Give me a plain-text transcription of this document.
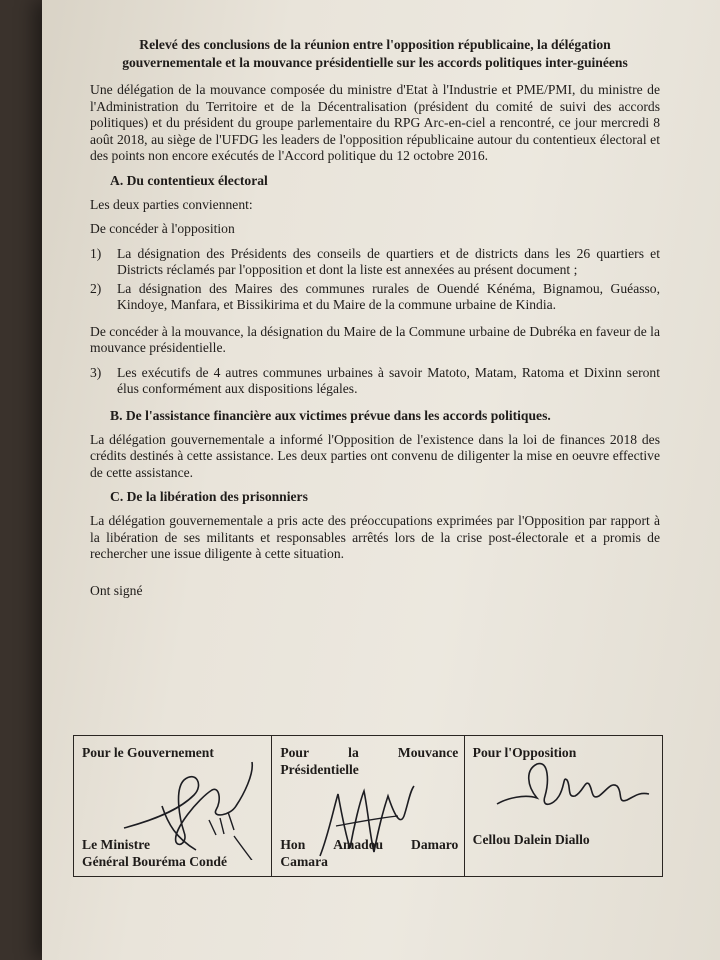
Relevé des conclusions de la réunion entre l'opposition républicaine, la délégation gouvernementale et la mouvance présidentielle sur les accords politiques inter-guinéens

Une délégation de la mouvance composée du ministre d'Etat à l'Industrie et PME/PMI, du ministre de l'Administration du Territoire et de la Décentralisation (président du comité de suivi des accords politiques) et du président du groupe parlementaire du RPG Arc-en-ciel a rencontré, ce jour mercredi 8 août 2018, au siège de l'UFDG les leaders de l'opposition républicaine autour du contentieux électoral et des points non encore exécutés de l'Accord politique du 12 octobre 2016.

A. Du contentieux électoral

Les deux parties conviennent:

De concéder à l'opposition

1) La désignation des Présidents des conseils de quartiers et de districts dans les 26 quartiers et Districts réclamés par l'opposition et dont la liste est annexées au présent document ;
2) La désignation des Maires des communes rurales de Ouendé Kénéma, Bignamou, Guéasso, Kindoye, Manfara, et Bissikirima et du Maire de la commune urbaine de Kindia.

De concéder à la mouvance, la désignation du Maire de la Commune urbaine de Dubréka en faveur de la mouvance présidentielle.

3) Les exécutifs de 4 autres communes urbaines à savoir Matoto, Matam, Ratoma et Dixinn seront élus conformément aux dispositions légales.
B. De l'assistance financière aux victimes prévue dans les accords politiques.

La délégation gouvernementale a informé l'Opposition de l'existence dans la loi de finances 2018 des crédits destinés à cette assistance. Les deux parties ont convenu de diligenter la mise en oeuvre effective de cette assistance.

C. De la libération des prisonniers

La délégation gouvernementale a pris acte des préoccupations exprimées par l'Opposition par rapport à la libération de ses militants et responsables arrêtés lors de la crise post-électorale et a promis de rechercher une issue diligente à cette situation.

Ont signé

Pour le Gouvernement
Le Ministre
Général Bouréma Condé
Pour	la	Mouvance
Présidentielle
Hon Amadou Damaro
Camara
Pour l'Opposition
Cellou Dalein Diallo
